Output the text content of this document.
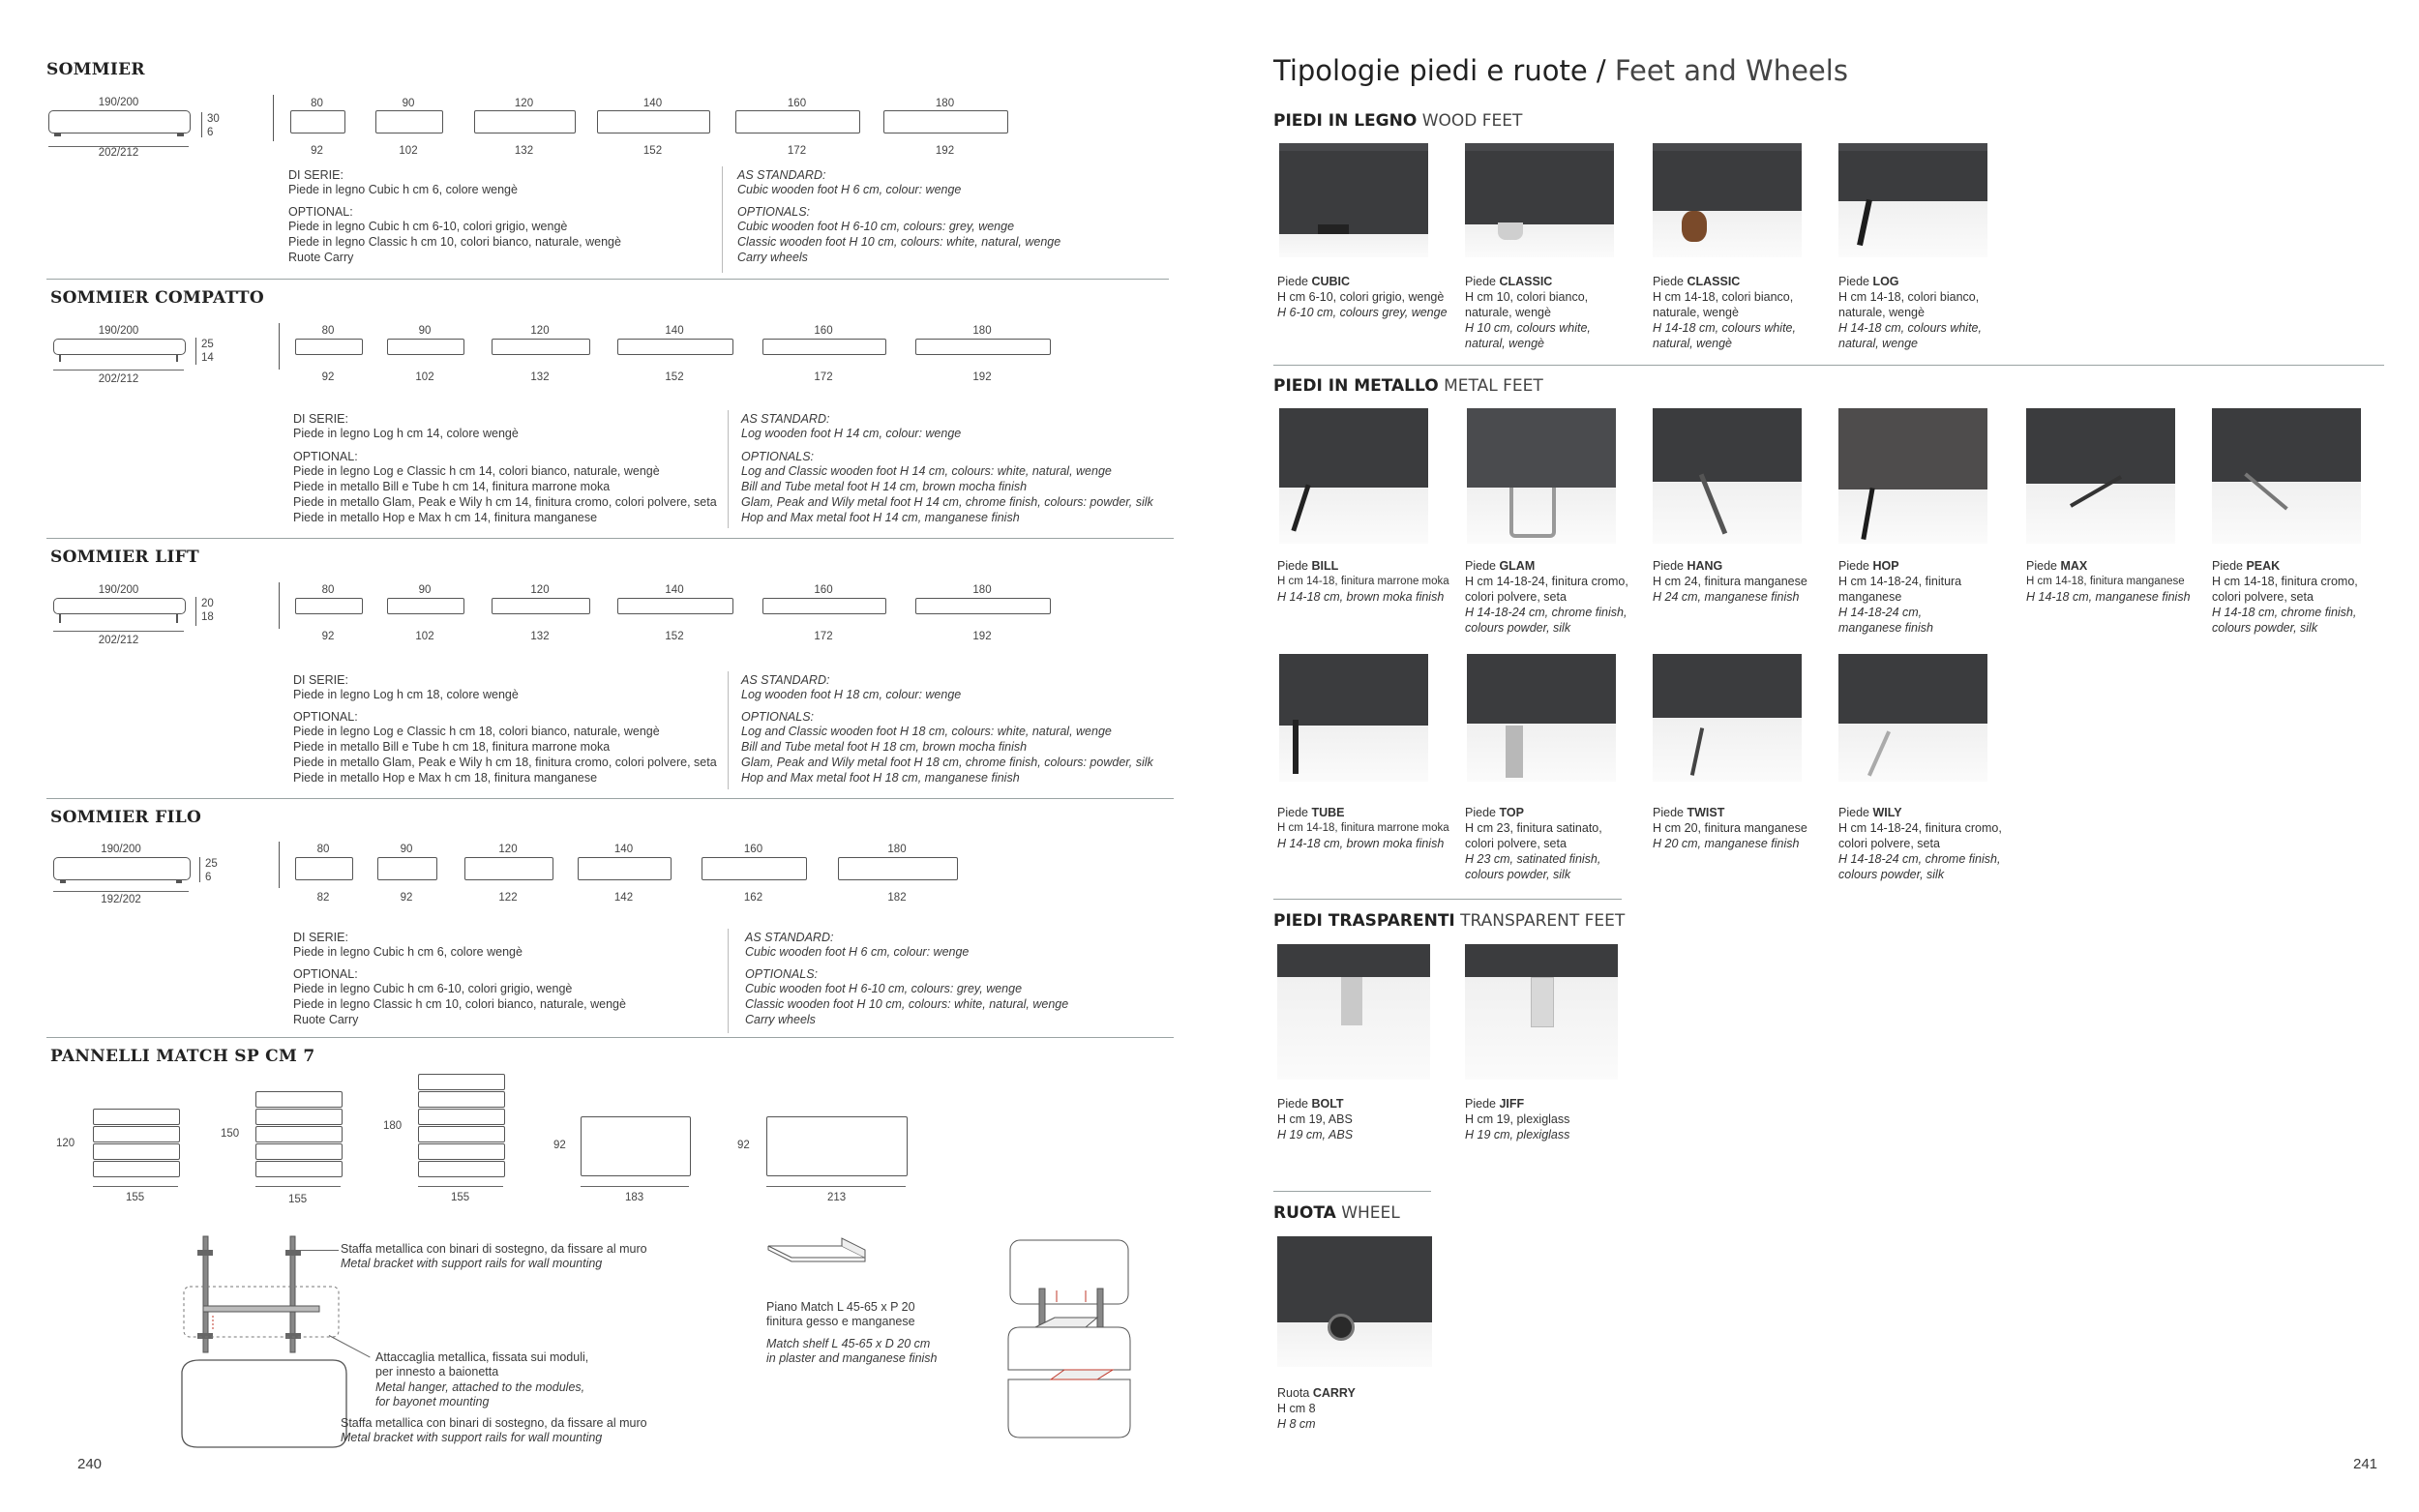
SOMMIER
190/200
202/212
30
6
80
92
90
102
120
132
140
152
160
172
180
192
DI SERIE:
Piede in legno Cubic h cm 6, colore wengè
OPTIONAL:
Piede in legno Cubic h cm 6-10, colori grigio, wengè
Piede in legno Classic h cm 10, colori bianco, naturale, wengè
Ruote Carry
AS STANDARD:
Cubic wooden foot H 6 cm, colour: wenge
OPTIONALS:
Cubic wooden foot H 6-10 cm, colours: grey, wenge
Classic wooden foot H 10 cm, colours: white, natural, wenge
Carry wheels
SOMMIER COMPATTO
190/200
202/212
25
14
80
92
90
102
120
132
140
152
160
172
180
192
DI SERIE:
Piede in legno Log h cm 14, colore wengè
OPTIONAL:
Piede in legno Log e Classic h cm 14, colori bianco, naturale, wengè
Piede in metallo Bill e Tube h cm 14, finitura marrone moka
Piede in metallo Glam, Peak e Wily h cm 14, finitura cromo, colori polvere, seta
Piede in metallo Hop e Max h cm 14, finitura manganese
AS STANDARD:
Log wooden foot H 14 cm, colour: wenge
OPTIONALS:
Log and Classic wooden foot H 14 cm, colours: white, natural, wenge
Bill and Tube metal foot H 14 cm, brown mocha finish
Glam, Peak and Wily metal foot H 14 cm, chrome finish, colours: powder, silk
Hop and Max metal foot H 14 cm, manganese finish
SOMMIER LIFT
190/200
202/212
20
18
80
92
90
102
120
132
140
152
160
172
180
192
DI SERIE:
Piede in legno Log h cm 18, colore wengè
OPTIONAL:
Piede in legno Log e Classic h cm 18, colori bianco, naturale, wengè
Piede in metallo Bill e Tube h cm 18, finitura marrone moka
Piede in metallo Glam, Peak e Wily h cm 18, finitura cromo, colori polvere, seta
Piede in metallo Hop e Max h cm 18, finitura manganese
AS STANDARD:
Log wooden foot H 18 cm, colour: wenge
OPTIONALS:
Log and Classic wooden foot H 18 cm, colours: white, natural, wenge
Bill and Tube metal foot H 18 cm, brown mocha finish
Glam, Peak and Wily metal foot H 18 cm, chrome finish, colours: powder, silk
Hop and Max metal foot H 18 cm, manganese finish
SOMMIER FILO
190/200
192/202
25
6
80
82
90
92
120
122
140
142
160
162
180
182
DI SERIE:
Piede in legno Cubic h cm 6, colore wengè
OPTIONAL:
Piede in legno Cubic h cm 6-10, colori grigio, wengè
Piede in legno Classic h cm 10, colori bianco, naturale, wengè
Ruote Carry
AS STANDARD:
Cubic wooden foot H 6 cm, colour: wenge
OPTIONALS:
Cubic wooden foot H 6-10 cm, colours: grey, wenge
Classic wooden foot H 10 cm, colours: white, natural, wenge
Carry wheels
PANNELLI MATCH SP CM 7
120
155
150
155
180
155
92
183
92
213
Staffa metallica con binari di sostegno, da fissare al muro
Metal bracket with support rails for wall mounting
Attaccaglia metallica, fissata sui moduli,
per innesto a baionetta
Metal hanger, attached to the modules,
for bayonet mounting
Staffa metallica con binari di sostegno, da fissare al muro
Metal bracket with support rails for wall mounting
Piano Match L 45-65 x P 20
finitura gesso e manganese
Match shelf L 45-65 x D 20 cm
in plaster and manganese finish
240
Tipologie piedi e ruote / Feet and Wheels
PIEDI IN LEGNO WOOD FEET
Piede CUBIC
H cm 6-10, colori grigio, wengè
H 6-10 cm, colours grey, wenge
Piede CLASSIC
H cm 10, colori bianco,
naturale, wengè
H 10 cm, colours white,
natural, wengè
Piede CLASSIC
H cm 14-18, colori bianco,
naturale, wengè
H 14-18 cm, colours white,
natural, wengè
Piede LOG
H cm 14-18, colori bianco,
naturale, wengè
H 14-18 cm, colours white,
natural, wenge
PIEDI IN METALLO METAL FEET
Piede BILL
H cm 14-18, finitura marrone moka
H 14-18 cm, brown moka finish
Piede GLAM
H cm 14-18-24, finitura cromo,
colori polvere, seta
H 14-18-24 cm, chrome finish,
colours powder, silk
Piede HANG
H cm 24, finitura manganese
H 24 cm, manganese finish
Piede HOP
H cm 14-18-24, finitura
manganese
H 14-18-24 cm,
manganese finish
Piede MAX
H cm 14-18, finitura manganese
H 14-18 cm, manganese finish
Piede PEAK
H cm 14-18, finitura cromo,
colori polvere, seta
H 14-18 cm, chrome finish,
colours powder, silk
Piede TUBE
H cm 14-18, finitura marrone moka
H 14-18 cm, brown moka finish
Piede TOP
H cm 23, finitura satinato,
colori polvere, seta
H 23 cm, satinated finish,
colours powder, silk
Piede TWIST
H cm 20, finitura manganese
H 20 cm, manganese finish
Piede WILY
H cm 14-18-24, finitura cromo,
colori polvere, seta
H 14-18-24 cm, chrome finish,
colours powder, silk
PIEDI TRASPARENTI TRANSPARENT FEET
Piede BOLT
H cm 19, ABS
H 19 cm, ABS
Piede JIFF
H cm 19, plexiglass
H 19 cm, plexiglass
RUOTA WHEEL
Ruota CARRY
H cm 8
H 8 cm
241
